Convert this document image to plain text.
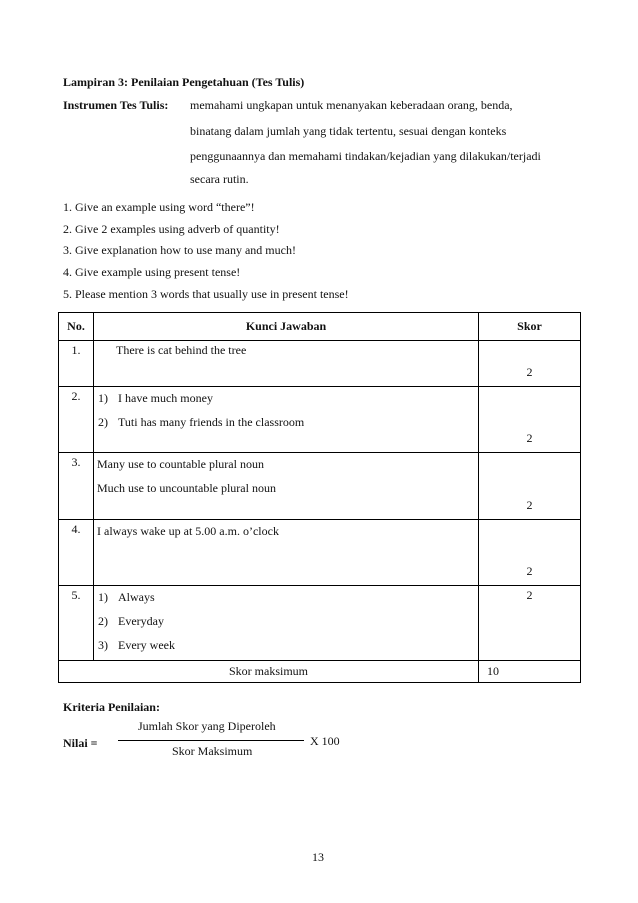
Lampiran 3: Penilaian Pengetahuan (Tes Tulis)
Instrumen Tes Tulis: memahami ungkapan untuk menanyakan keberadaan orang, benda,
binatang dalam jumlah yang tidak tertentu, sesuai dengan konteks
penggunaannya dan memahami tindakan/kejadian yang dilakukan/terjadi
secara rutin.
1. Give an example using word “there”!
2. Give 2 examples using adverb of quantity!
3. Give explanation how to use many and much!
4. Give example using present tense!
5. Please mention 3 words that usually use in present tense!
No.	Kunci Jawaban	Skor
1.	There is cat behind the tree	2

2.	1) I have much money
2) Tuti has many friends in the classroom	2

3.	Many use to countable plural noun
Much use to uncountable plural noun	2

4.	I always wake up at 5.00 a.m. o’clock	2

5.	1) Always
2) Everyday
3) Every week	2

Skor maksimum		10
Kriteria Penilaian:
Nilai =
Jumlah Skor yang Diperoleh
Skor Maksimum
X 100
13
